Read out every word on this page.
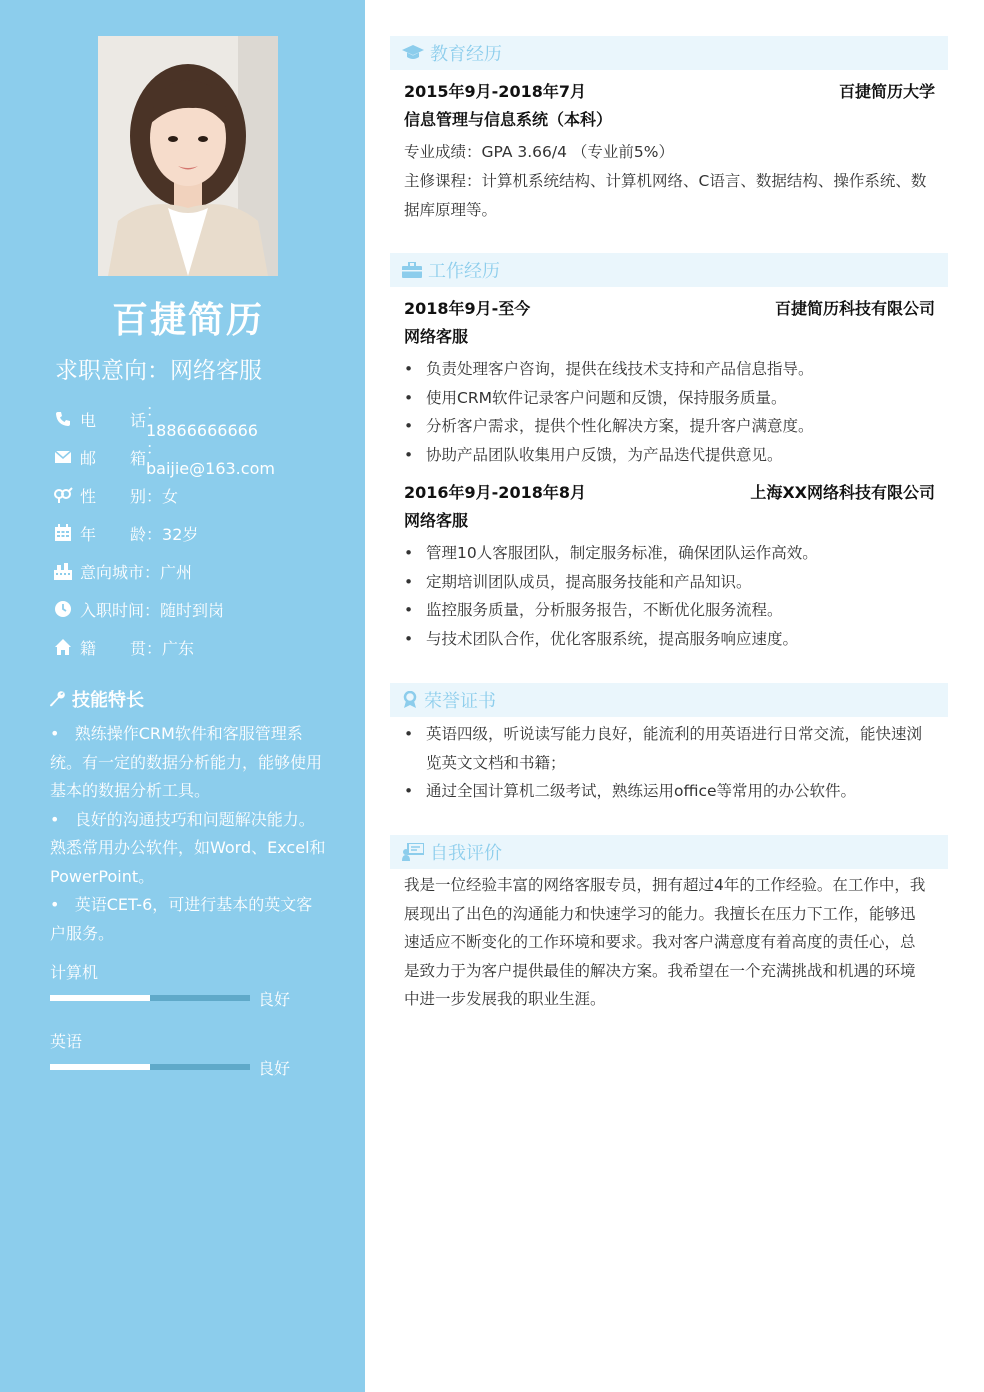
百捷简历
求职意向：网络客服
电	话 ：18866666666
邮	箱 ：baijie@163.com
性	别 ：女
年	龄 ：32岁
意向城市 ： 广州
入职时间 ： 随时到岗
籍	贯 ：广东
技能特长

•   熟练操作CRM软件和客服管理系统。有一定的数据分析能力，能够使用基本的数据分析工具。

•   良好的沟通技巧和问题解决能力。熟悉常用办公软件，如Word、Excel和PowerPoint。

•   英语CET-6，可进行基本的英文客户服务。

计算机
良好
英语
良好
教育经历
2015年9月-2018年7月	百捷简历大学
信息管理与信息系统（本科）
专业成绩：GPA 3.66/4 （专业前5%）
主修课程：计算机系统结构、计算机网络、C语言、数据结构、操作系统、数据库原理等。
工作经历
2018年9月-至今	百捷简历科技有限公司
网络客服
• 负责处理客户咨询，提供在线技术支持和产品信息指导。
• 使用CRM软件记录客户问题和反馈，保持服务质量。
• 分析客户需求，提供个性化解决方案，提升客户满意度。
• 协助产品团队收集用户反馈，为产品迭代提供意见。
2016年9月-2018年8月	上海XX网络科技有限公司
网络客服
• 管理10人客服团队，制定服务标准，确保团队运作高效。
• 定期培训团队成员，提高服务技能和产品知识。
• 监控服务质量，分析服务报告，不断优化服务流程。
• 与技术团队合作，优化客服系统，提高服务响应速度。
荣誉证书
• 英语四级，听说读写能力良好，能流利的用英语进行日常交流，能快速浏览英文文档和书籍；
• 通过全国计算机二级考试，熟练运用office等常用的办公软件。
自我评价
我是一位经验丰富的网络客服专员，拥有超过4年的工作经验。在工作中，我展现出了出色的沟通能力和快速学习的能力。我擅长在压力下工作，能够迅速适应不断变化的工作环境和要求。我对客户满意度有着高度的责任心，总是致力于为客户提供最佳的解决方案。我希望在一个充满挑战和机遇的环境中进一步发展我的职业生涯。
